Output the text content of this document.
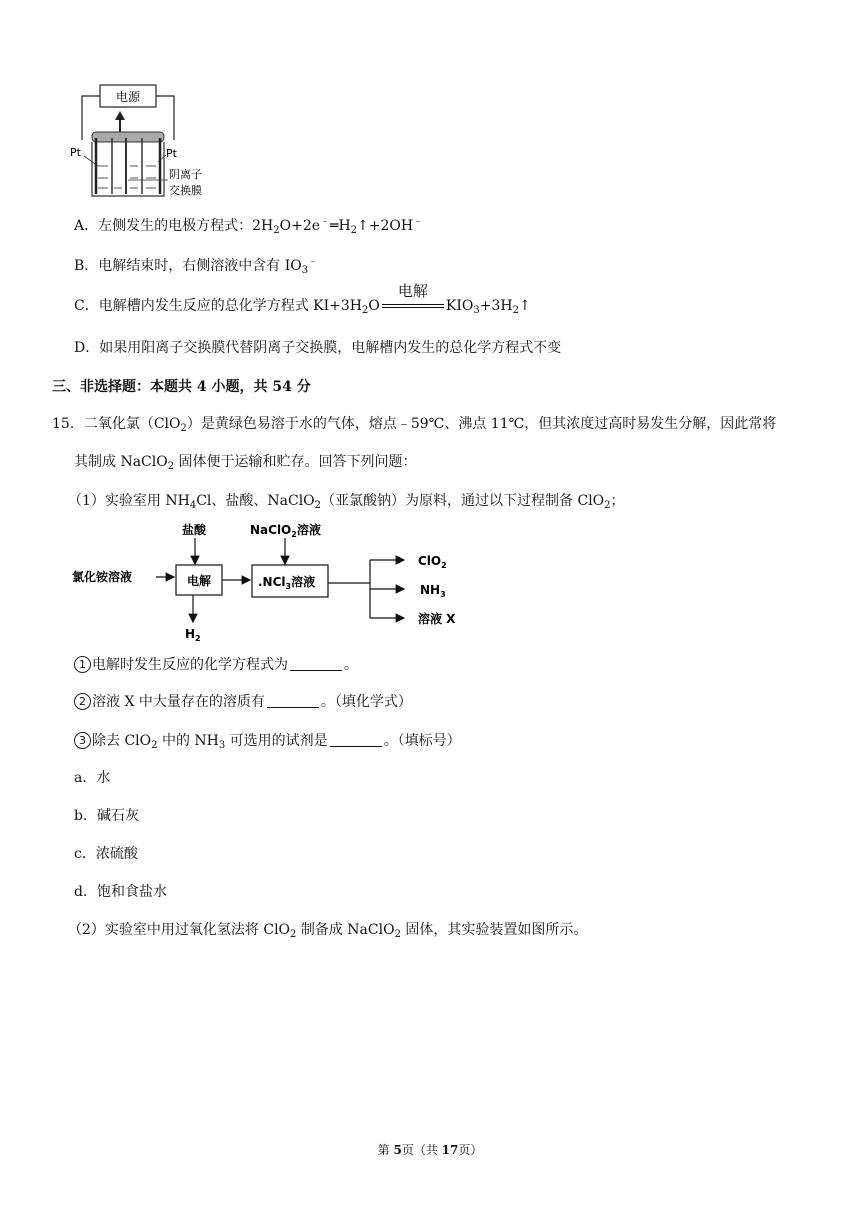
电源
Pt	Pt
阴离子
交换膜
A．左侧发生的电极方程式：$2H_2O+2e^﹣═H_2↑+2OH^﹣$
B．电解结束时，右侧溶液中含有 $IO_3^﹣$
C．电解槽内发生反应的总化学方程式 $KI+3H_2O$
电解
$KIO_3+3H_2↑$
D．如果用阳离子交换膜代替阴离子交换膜，电解槽内发生的总化学方程式不变
三、非选择题：本题共 4 小题，共 54 分
15．二氧化氯（ClO$_2$）是黄绿色易溶于水的气体，熔点﹣59℃、沸点 11℃，但其浓度过高时易发生分解，因此常将
其制成 NaClO$_2$ 固体便于运输和贮存。回答下列问题：
（1）实验室用 $NH_4Cl$、盐酸、NaClO$_2$（亚氯酸钠）为原料，通过以下过程制备 ClO$_2$；
盐酸	NaClO$_2$溶液
氯化铵溶液	电解
$H_2$
.NCl$_3$溶液
ClO$_2$
$NH_3$
溶液 X
1 电解时发生反应的化学方程式为	。
2 溶液 X 中大量存在的溶质有	。（填化学式）
3 除去 ClO$_2$ 中的 $NH_3$ 可选用的试剂是	。（填标号）
a．水
b．碱石灰
c．浓硫酸
d．饱和食盐水
（2）实验室中用过氧化氢法将 ClO$_2$ 制备成 NaClO$_2$ 固体，其实验装置如图所示。
第 5页（共 17页）
